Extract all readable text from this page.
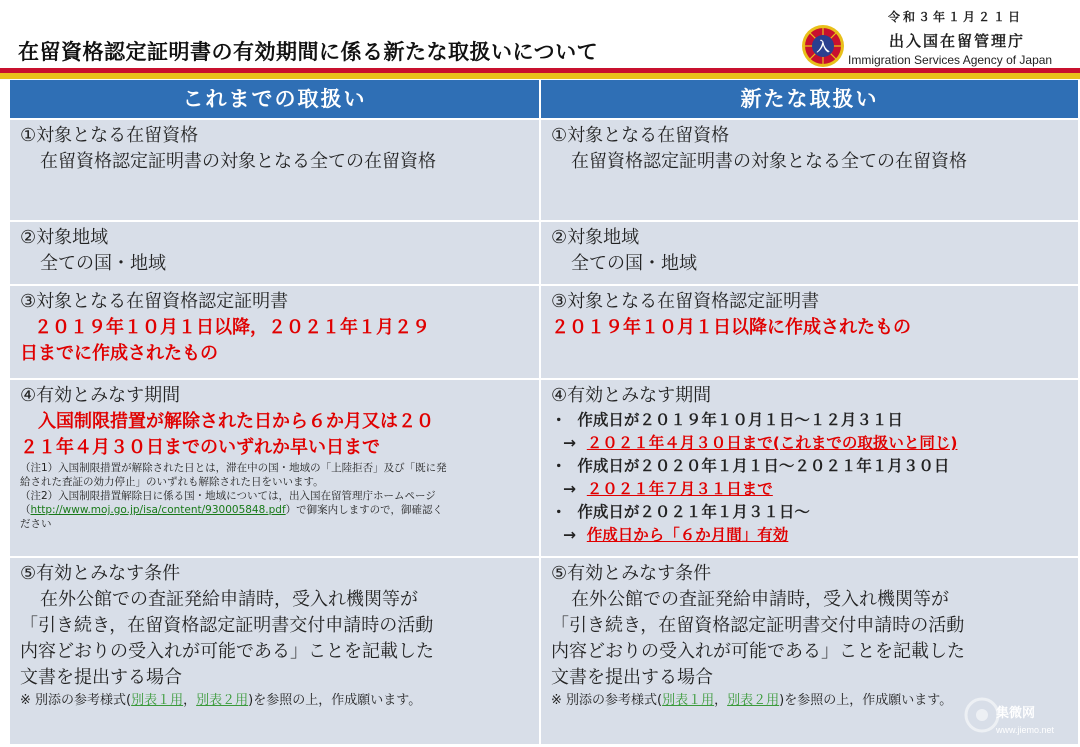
在留資格認定証明書の有効期間に係る新たな取扱いについて
令和３年１月２１日
入	出入国在留管理庁
Immigration Services Agency of Japan
これまでの取扱い	新たな取扱い
①対象となる在留資格
在留資格認定証明書の対象となる全ての在留資格
①対象となる在留資格
在留資格認定証明書の対象となる全ての在留資格
②対象地域
全ての国・地域
②対象地域
全ての国・地域
③対象となる在留資格認定証明書
２０１９年１０月１日以降，２０２１年１月２９
日までに作成されたもの
③対象となる在留資格認定証明書
２０１９年１０月１日以降に作成されたもの
④有効とみなす期間
入国制限措置が解除された日から６か月又は２０
２１年４月３０日までのいずれか早い日まで
（注1）入国制限措置が解除された日とは，滞在中の国・地域の「上陸拒否」及び「既に発
給された査証の効力停止」のいずれも解除された日をいいます。
（注2）入国制限措置解除日に係る国・地域については，出入国在留管理庁ホームページ
（http://www.moj.go.jp/isa/content/930005848.pdf）で御案内しますので，御確認く
ださい
④有効とみなす期間
・ 作成日が２０１９年１０月１日～１２月３１日
→ ２０２１年４月３０日まで(これまでの取扱いと同じ)
・ 作成日が２０２０年１月１日～２０２１年１月３０日
→ ２０２１年７月３１日まで
・ 作成日が２０２１年１月３１日～
→ 作成日から「６か月間」有効
⑤有効とみなす条件
在外公館での査証発給申請時，受入れ機関等が
「引き続き，在留資格認定証明書交付申請時の活動
内容どおりの受入れが可能である」ことを記載した
文書を提出する場合
※ 別添の参考様式(別表１用，別表２用)を参照の上，作成願います。
⑤有効とみなす条件
在外公館での査証発給申請時，受入れ機関等が
「引き続き，在留資格認定証明書交付申請時の活動
内容どおりの受入れが可能である」ことを記載した
文書を提出する場合
※ 別添の参考様式(別表１用，別表２用)を参照の上，作成願います。
集微网
www.jiemo.net
